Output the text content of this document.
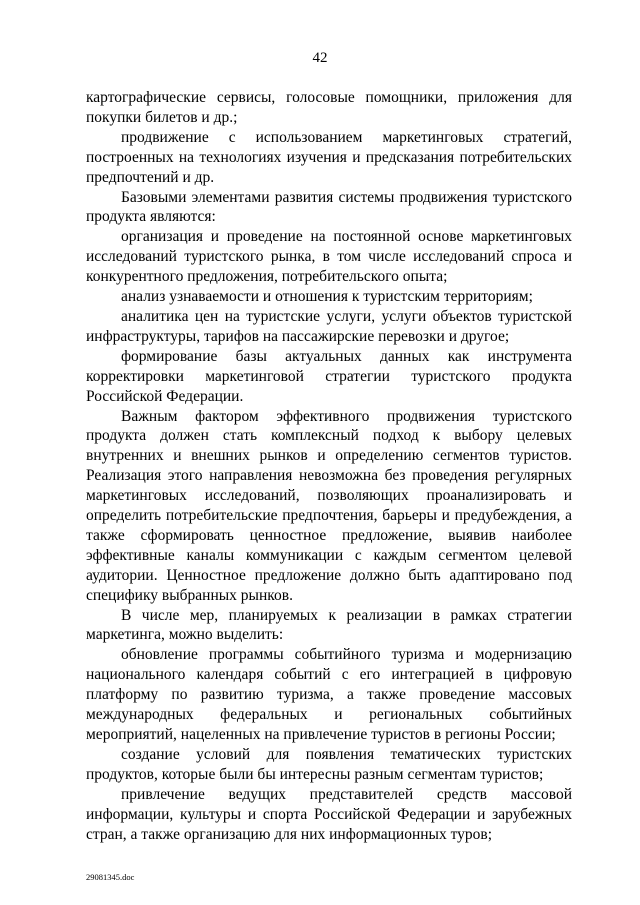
42

картографические сервисы, голосовые помощники, приложения для покупки билетов и др.;

продвижение с использованием маркетинговых стратегий, построенных на технологиях изучения и предсказания потребительских предпочтений и др.

Базовыми элементами развития системы продвижения туристского продукта являются:

организация и проведение на постоянной основе маркетинговых исследований туристского рынка, в том числе исследований спроса и конкурентного предложения, потребительского опыта;

анализ узнаваемости и отношения к туристским территориям;

аналитика цен на туристские услуги, услуги объектов туристской инфраструктуры, тарифов на пассажирские перевозки и другое;

формирование базы актуальных данных как инструмента корректировки маркетинговой стратегии туристского продукта Российской Федерации.

Важным фактором эффективного продвижения туристского продукта должен стать комплексный подход к выбору целевых внутренних и внешних рынков и определению сегментов туристов. Реализация этого направления невозможна без проведения регулярных маркетинговых исследований, позволяющих проанализировать и определить потребительские предпочтения, барьеры и предубеждения, а также сформировать ценностное предложение, выявив наиболее эффективные каналы коммуникации с каждым сегментом целевой аудитории. Ценностное предложение должно быть адаптировано под специфику выбранных рынков.

В числе мер, планируемых к реализации в рамках стратегии маркетинга, можно выделить:

обновление программы событийного туризма и модернизацию национального календаря событий с его интеграцией в цифровую платформу по развитию туризма, а также проведение массовых международных федеральных и региональных событийных мероприятий, нацеленных на привлечение туристов в регионы России;

создание условий для появления тематических туристских продуктов, которые были бы интересны разным сегментам туристов;

привлечение ведущих представителей средств массовой информации, культуры и спорта Российской Федерации и зарубежных стран, а также организацию для них информационных туров;

29081345.doc
